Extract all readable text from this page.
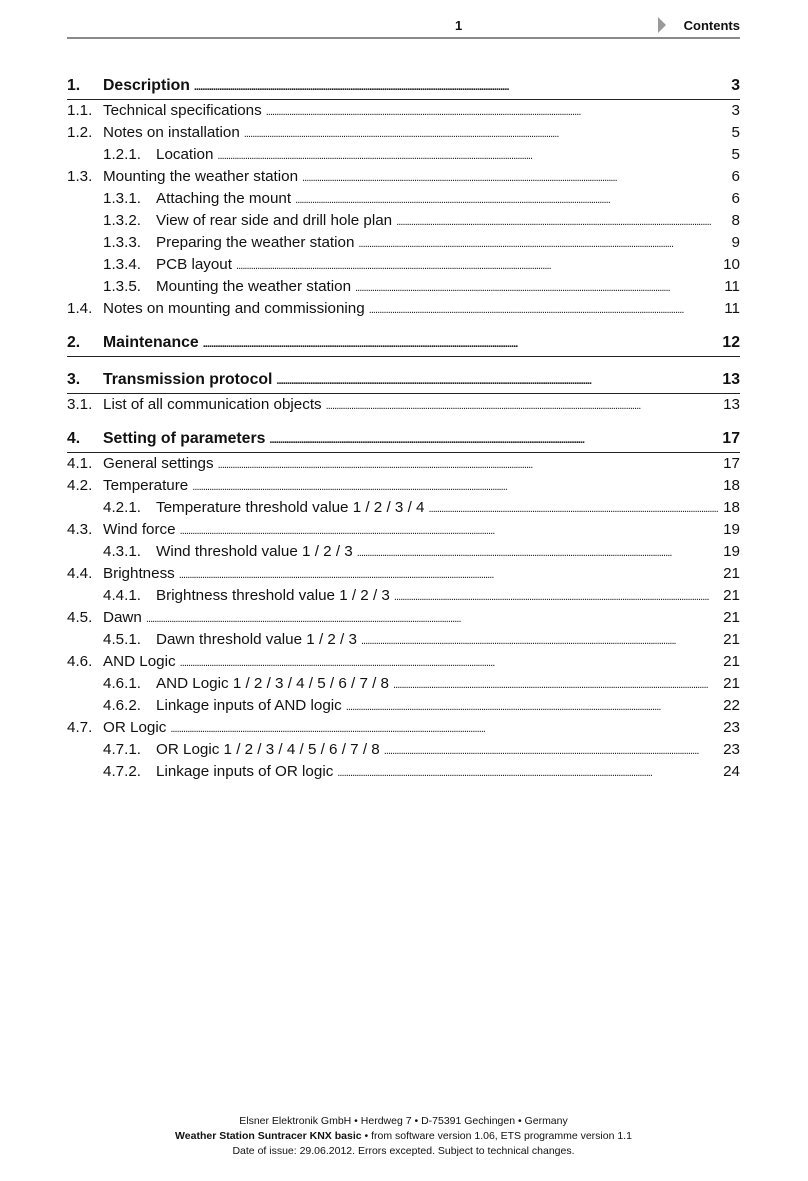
1	Contents
1.	Description . . .	3
1.1. Technical specifications . . .	3
1.2. Notes on installation . . .	5
1.2.1. Location . . .	5
1.3. Mounting the weather station . . .	6
1.3.1. Attaching the mount . . .	6
1.3.2. View of rear side and drill hole plan . . .	8
1.3.3. Preparing the weather station . . .	9
1.3.4. PCB layout . . .	10
1.3.5. Mounting the weather station . . .	11
1.4. Notes on mounting and commissioning . . .	11
2.	Maintenance . . .	12
3.	Transmission protocol . . .	13
3.1. List of all communication objects . . .	13
4.	Setting of parameters . . .	17
4.1. General settings . . .	17
4.2. Temperature . . .	18
4.2.1. Temperature threshold value 1 / 2 / 3 / 4 . . .	18
4.3. Wind force . . .	19
4.3.1. Wind threshold value 1 / 2 / 3 . . .	19
4.4. Brightness . . .	21
4.4.1. Brightness threshold value 1 / 2 / 3 . . .	21
4.5. Dawn . . .	21
4.5.1. Dawn threshold value 1 / 2 / 3 . . .	21
4.6. AND Logic . . .	21
4.6.1. AND Logic 1 / 2 / 3 / 4 / 5 / 6 / 7 / 8 . . .	21
4.6.2. Linkage inputs of AND logic . . .	22
4.7. OR Logic . . .	23
4.7.1. OR Logic 1 / 2 / 3 / 4 / 5 / 6 / 7 / 8 . . .	23
4.7.2. Linkage inputs of OR logic . . .	24
Elsner Elektronik GmbH • Herdweg 7 • D-75391 Gechingen • Germany
Weather Station Suntracer KNX basic • from software version 1.06, ETS programme version 1.1
Date of issue: 29.06.2012. Errors excepted. Subject to technical changes.
